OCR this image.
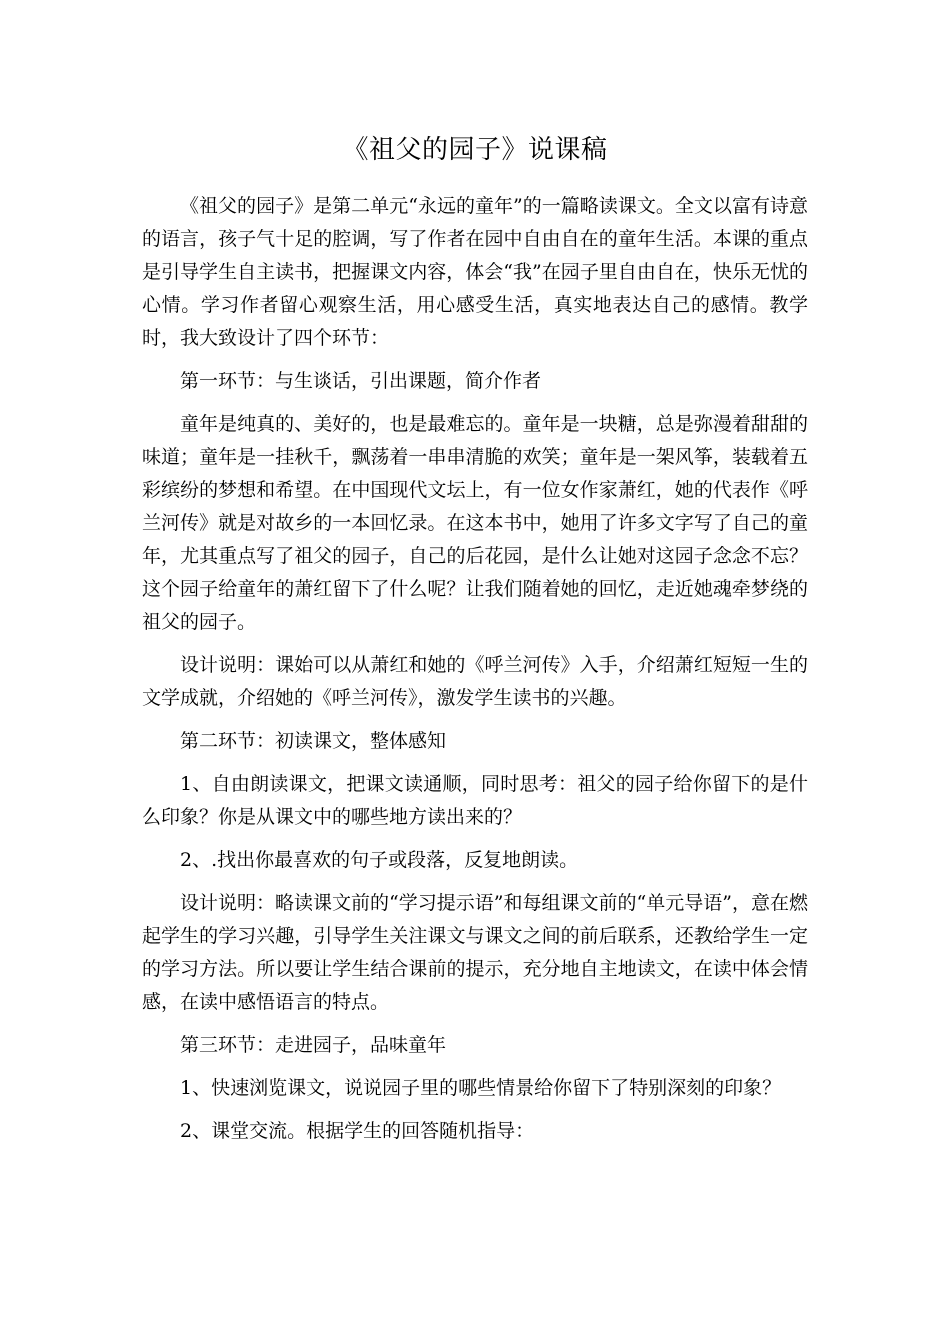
《祖父的园子》说课稿

《祖父的园子》是第二单元“永远的童年”的一篇略读课文。全文以富有诗意的语言，孩子气十足的腔调，写了作者在园中自由自在的童年生活。本课的重点是引导学生自主读书，把握课文内容，体会“我”在园子里自由自在，快乐无忧的心情。学习作者留心观察生活，用心感受生活，真实地表达自己的感情。教学时，我大致设计了四个环节：

第一环节：与生谈话，引出课题，简介作者

童年是纯真的、美好的，也是最难忘的。童年是一块糖，总是弥漫着甜甜的味道；童年是一挂秋千，飘荡着一串串清脆的欢笑；童年是一架风筝，装载着五彩缤纷的梦想和希望。在中国现代文坛上，有一位女作家萧红，她的代表作《呼兰河传》就是对故乡的一本回忆录。在这本书中，她用了许多文字写了自己的童年，尤其重点写了祖父的园子，自己的后花园，是什么让她对这园子念念不忘？这个园子给童年的萧红留下了什么呢？让我们随着她的回忆，走近她魂牵梦绕的祖父的园子。

设计说明：课始可以从萧红和她的《呼兰河传》入手，介绍萧红短短一生的文学成就，介绍她的《呼兰河传》，激发学生读书的兴趣。

第二环节：初读课文，整体感知

1、自由朗读课文，把课文读通顺，同时思考：祖父的园子给你留下的是什么印象？你是从课文中的哪些地方读出来的？

2、.找出你最喜欢的句子或段落，反复地朗读。

设计说明：略读课文前的“学习提示语”和每组课文前的“单元导语”，意在燃起学生的学习兴趣，引导学生关注课文与课文之间的前后联系，还教给学生一定的学习方法。所以要让学生结合课前的提示，充分地自主地读文，在读中体会情感，在读中感悟语言的特点。

第三环节：走进园子，品味童年

1、快速浏览课文，说说园子里的哪些情景给你留下了特别深刻的印象？

2、课堂交流。根据学生的回答随机指导：
